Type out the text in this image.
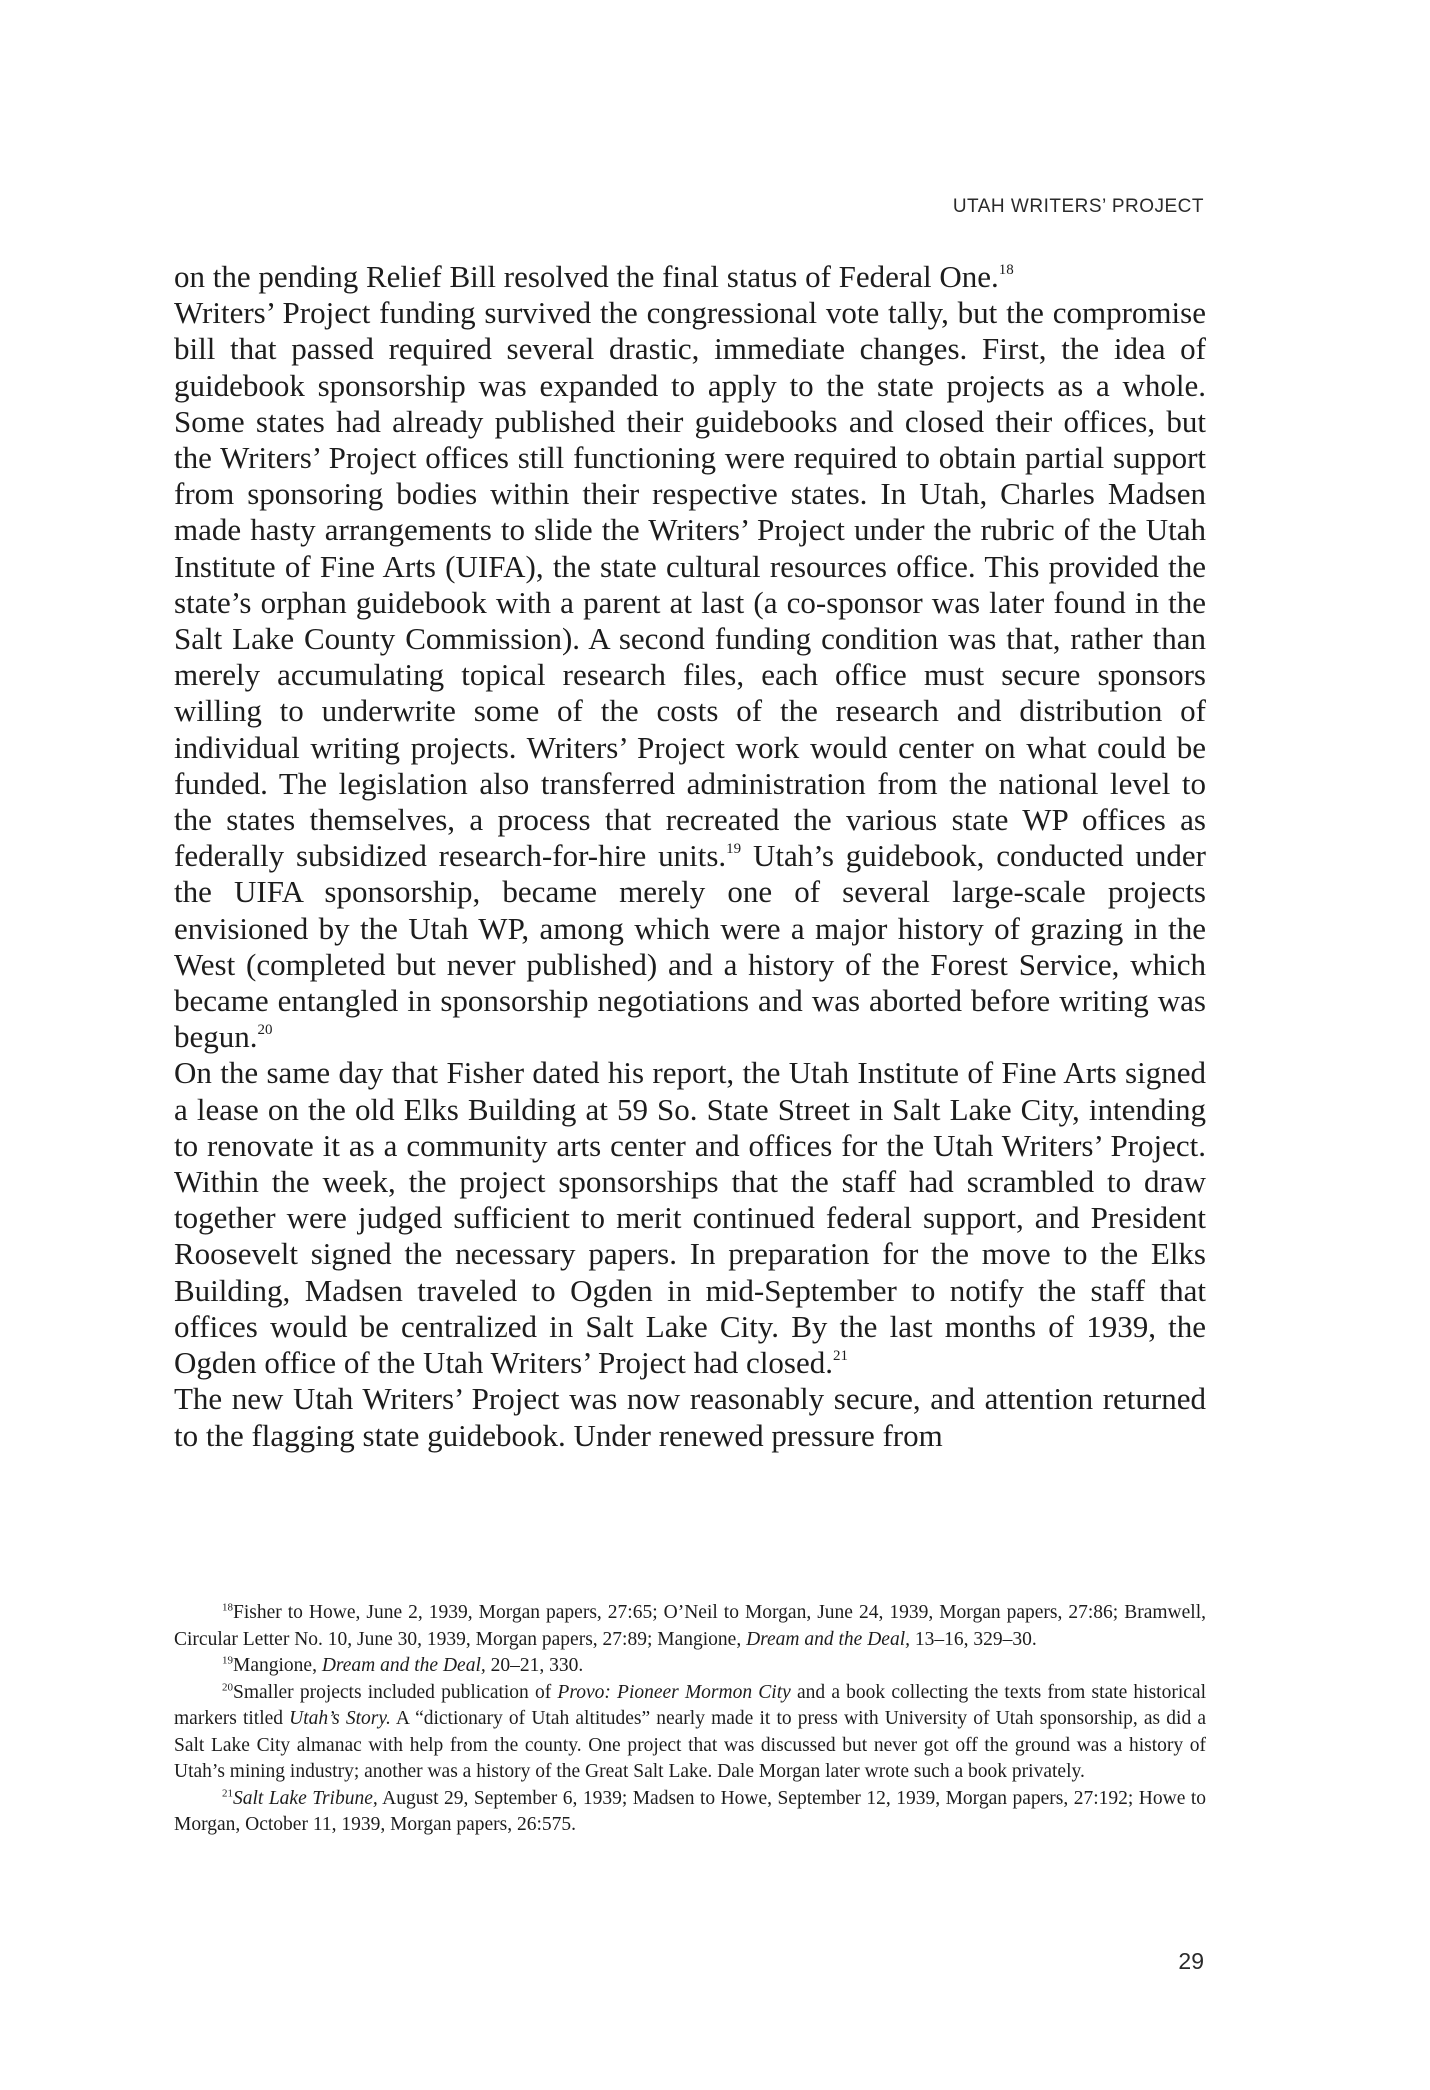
UTAH WRITERS’ PROJECT

on the pending Relief Bill resolved the final status of Federal One.$^{18}$

Writers’ Project funding survived the congressional vote tally, but the compromise bill that passed required several drastic, immediate changes. First, the idea of guidebook sponsorship was expanded to apply to the state projects as a whole. Some states had already published their guidebooks and closed their offices, but the Writers’ Project offices still functioning were required to obtain partial support from sponsoring bodies within their respective states. In Utah, Charles Madsen made hasty arrangements to slide the Writers’ Project under the rubric of the Utah Institute of Fine Arts (UIFA), the state cultural resources office. This provided the state’s orphan guidebook with a parent at last (a co-sponsor was later found in the Salt Lake County Commission). A second funding condition was that, rather than merely accumulating topical research files, each office must secure sponsors willing to underwrite some of the costs of the research and distribution of individual writing projects. Writers’ Project work would center on what could be funded. The legislation also transferred administration from the national level to the states themselves, a process that recreated the various state WP offices as federally subsidized research-for-hire units.$^{19}$ Utah’s guidebook, conducted under the UIFA sponsorship, became merely one of several large-scale projects envisioned by the Utah WP, among which were a major history of grazing in the West (completed but never published) and a history of the Forest Service, which became entangled in sponsorship negotiations and was aborted before writing was begun.$^{20}$

On the same day that Fisher dated his report, the Utah Institute of Fine Arts signed a lease on the old Elks Building at 59 So. State Street in Salt Lake City, intending to renovate it as a community arts center and offices for the Utah Writers’ Project. Within the week, the project sponsorships that the staff had scrambled to draw together were judged sufficient to merit continued federal support, and President Roosevelt signed the necessary papers. In preparation for the move to the Elks Building, Madsen traveled to Ogden in mid-September to notify the staff that offices would be centralized in Salt Lake City. By the last months of 1939, the Ogden office of the Utah Writers’ Project had closed.$^{21}$

The new Utah Writers’ Project was now reasonably secure, and attention returned to the flagging state guidebook. Under renewed pressure from

$^{18}$Fisher to Howe, June 2, 1939, Morgan papers, 27:65; O’Neil to Morgan, June 24, 1939, Morgan papers, 27:86; Bramwell, Circular Letter No. 10, June 30, 1939, Morgan papers, 27:89; Mangione, Dream and the Deal, 13–16, 329–30.

$^{19}$Mangione, Dream and the Deal, 20–21, 330.

$^{20}$Smaller projects included publication of Provo: Pioneer Mormon City and a book collecting the texts from state historical markers titled Utah’s Story. A “dictionary of Utah altitudes” nearly made it to press with University of Utah sponsorship, as did a Salt Lake City almanac with help from the county. One project that was discussed but never got off the ground was a history of Utah’s mining industry; another was a history of the Great Salt Lake. Dale Morgan later wrote such a book privately.

$^{21}$Salt Lake Tribune, August 29, September 6, 1939; Madsen to Howe, September 12, 1939, Morgan papers, 27:192; Howe to Morgan, October 11, 1939, Morgan papers, 26:575.

29
